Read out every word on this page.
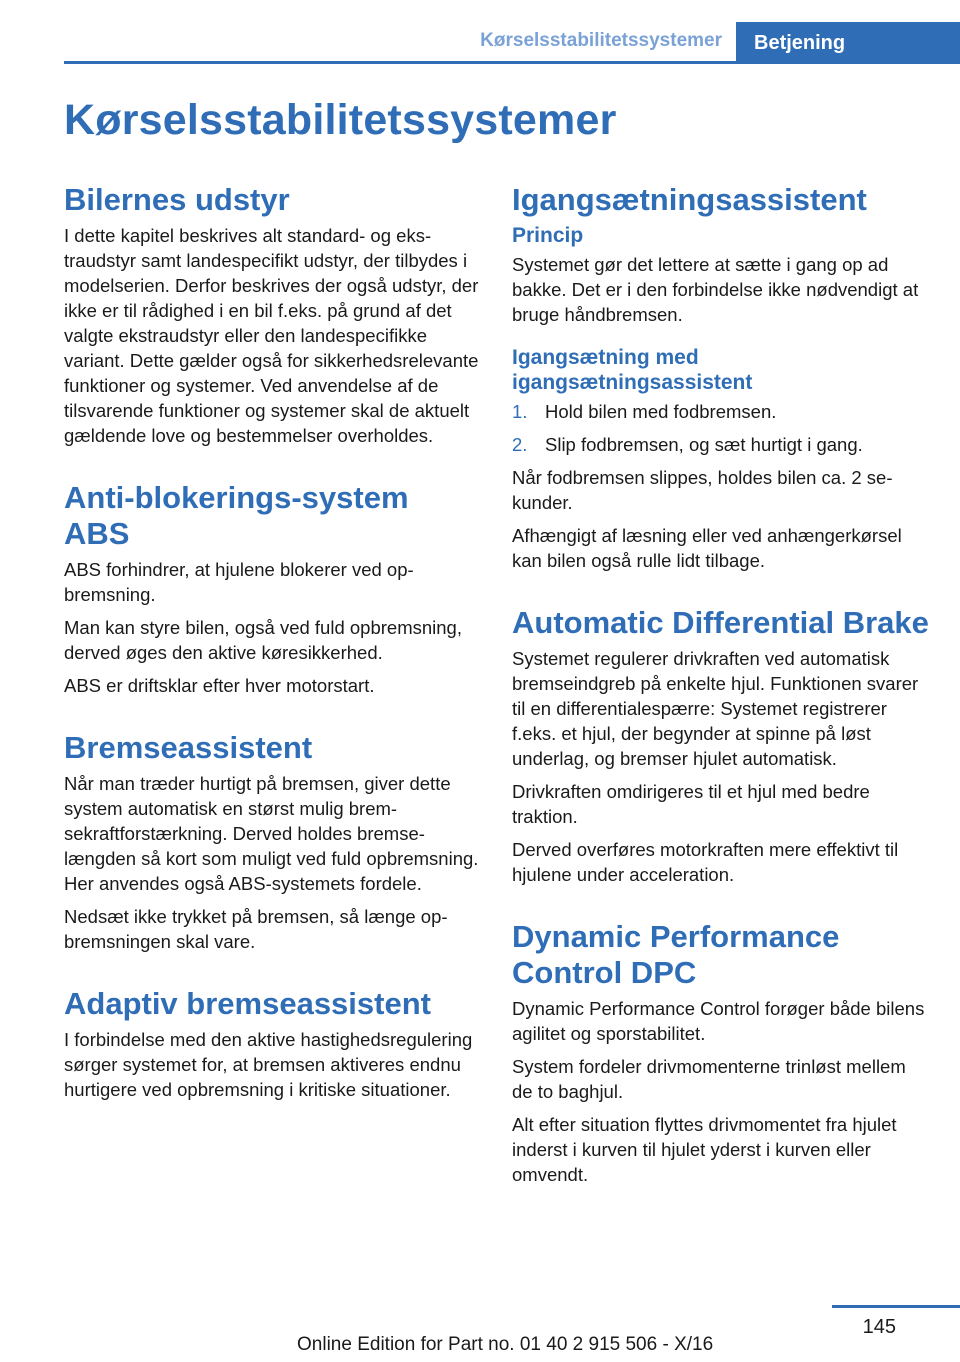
Kørselsstabilitetssystemer	Betjening
Kørselsstabilitetssystemer
Bilernes udstyr

I dette kapitel beskrives alt standard- og ekstraudstyr samt landespecifikt udstyr, der tilbydes i modelserien. Derfor beskrives der også udstyr, der ikke er til rådighed i en bil f.eks. på grund af det valgte ekstraudstyr eller den landespecifikke variant. Dette gælder også for sikkerhedsrelevante funktioner og systemer. Ved anvendelse af de tilsvarende funktioner og systemer skal de aktuelt gældende love og bestemmelser overholdes.

Anti-blokerings-system ABS

ABS forhindrer, at hjulene blokerer ved opbremsning.

Man kan styre bilen, også ved fuld opbremsning, derved øges den aktive køresikkerhed.

ABS er driftsklar efter hver motorstart.

Bremseassistent

Når man træder hurtigt på bremsen, giver dette system automatisk en størst mulig bremsekraftforstærkning. Derved holdes bremselængden så kort som muligt ved fuld opbremsning. Her anvendes også ABS-systemets fordele.

Nedsæt ikke trykket på bremsen, så længe opbremsningen skal vare.

Adaptiv bremseassistent

I forbindelse med den aktive hastighedsregulering sørger systemet for, at bremsen aktiveres endnu hurtigere ved opbremsning i kritiske situationer.

Igangsætningsassistent
Princip

Systemet gør det lettere at sætte i gang op ad bakke. Det er i den forbindelse ikke nødvendigt at bruge håndbremsen.

Igangsætning med igangsætningsassistent
1. Hold bilen med fodbremsen.
2. Slip fodbremsen, og sæt hurtigt i gang.

Når fodbremsen slippes, holdes bilen ca. 2 sekunder.

Afhængigt af læsning eller ved anhængerkørsel kan bilen også rulle lidt tilbage.

Automatic Differential Brake

Systemet regulerer drivkraften ved automatisk bremseindgreb på enkelte hjul. Funktionen svarer til en differentialespærre: Systemet registrerer f.eks. et hjul, der begynder at spinne på løst underlag, og bremser hjulet automatisk.

Drivkraften omdirigeres til et hjul med bedre traktion.

Derved overføres motorkraften mere effektivt til hjulene under acceleration.

Dynamic Performance Control DPC

Dynamic Performance Control forøger både bilens agilitet og sporstabilitet.

System fordeler drivmomenterne trinløst mellem de to baghjul.

Alt efter situation flyttes drivmomentet fra hjulet inderst i kurven til hjulet yderst i kurven eller omvendt.

145
Online Edition for Part no. 01 40 2 915 506 - X/16
